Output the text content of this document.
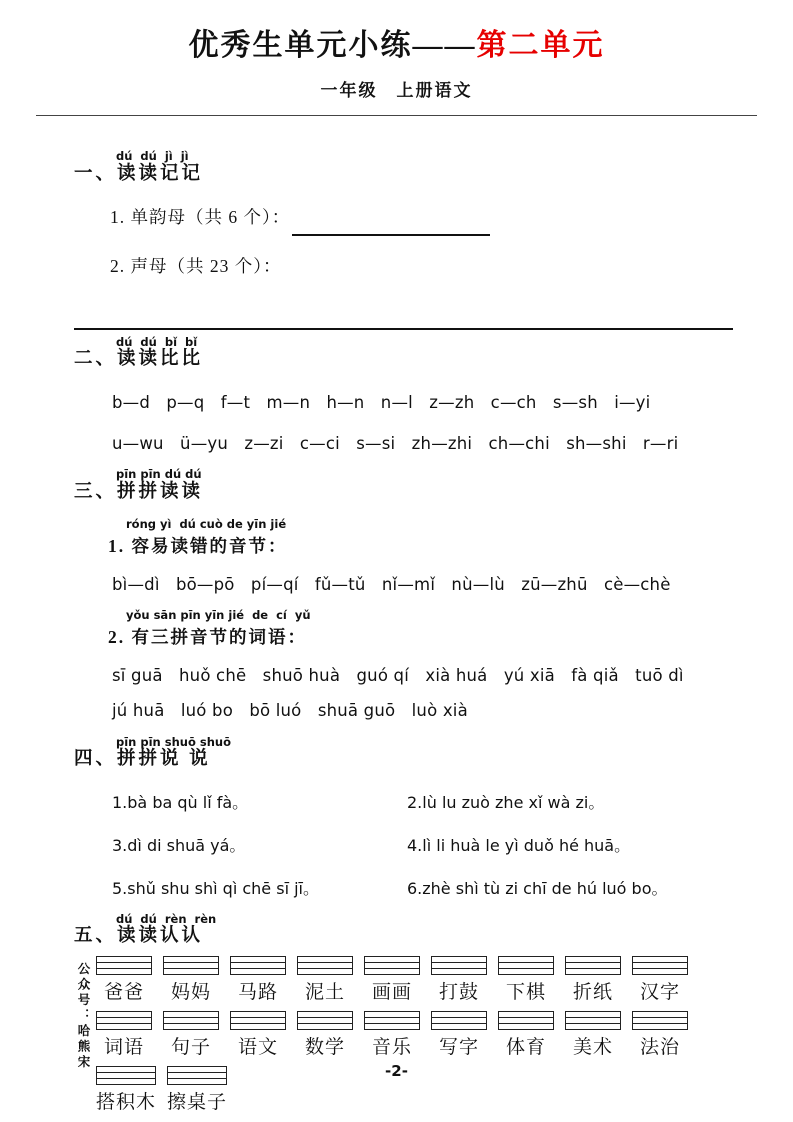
优秀生单元小练——第二单元
一年级　上册语文
dú  dú  jì  jì
一、读读记记
1. 单韵母（共 6 个）：
2. 声母（共 23 个）：
dú  dú  bǐ  bǐ
二、读读比比
b—d   p—q   f—t   m—n   h—n   n—l   z—zh   c—ch   s—sh   i—yi
u—wu   ü—yu   z—zi   c—ci   s—si   zh—zhi   ch—chi   sh—shi   r—ri
pīn pīn dú dú
三、拼拼读读
róng yì  dú cuò de yīn jié
1. 容易读错的音节：
bì—dì   bō—pō   pí—qí   fǔ—tǔ   nǐ—mǐ   nù—lù   zū—zhū   cè—chè
yǒu sān pīn yīn jié  de  cí  yǔ
2. 有三拼音节的词语：
sī guā   huǒ chē   shuō huà   guó qí   xià huá   yú xiā   fà qiǎ   tuō dì
jú huā   luó bo   bō luó   shuā guō   luò xià
pīn pīn shuō shuō
四、拼拼说 说
1.bà ba qù lǐ fà。	2.lù lu zuò zhe xǐ wà zi。
3.dì di shuā yá。	4.lì li huà le yì duǒ hé huā。
5.shǔ shu shì qì chē sī jī。	6.zhè shì tù zi chī de hú luó bo。
dú  dú  rèn  rèn
五、读读认认
公众号：哈熊宋 爸爸 妈妈 马路 泥土 画画 打鼓 下棋 折纸 汉字
词语 句子 语文 数学 音乐 写字 体育 美术 法治
搭积木 擦桌子
-2-
